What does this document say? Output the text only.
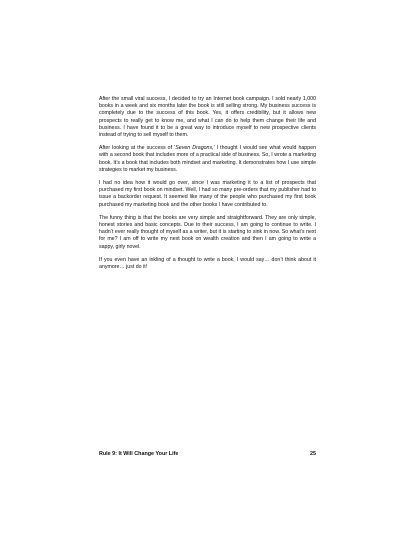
After the small viral success, I decided to try an Internet book campaign. I sold nearly 1,000 books in a week and six months later the book is still selling strong. My business success is completely due to the success of this book. Yes, it offers credibility, but it allows new prospects to really get to know me, and what I can do to help them change their life and business. I have found it to be a great way to introduce myself to new prospective clients instead of trying to sell myself to them.

After looking at the success of ‘Seven Dragons,’ I thought I would see what would happen with a second book that includes more of a practical side of business. So, I wrote a marketing book. It’s a book that includes both mindset and marketing. It demonstrates how I use simple strategies to market my business.

I had no idea how it would go over, since I was marketing it to a list of prospects that purchased my first book on mindset. Well, I had so many pre-orders that my publisher had to issue a backorder request. It seemed like many of the people who purchased my first book purchased my marketing book and the other books I have contributed to.

The funny thing is that the books are very simple and straightforward. They are only simple, honest stories and basic concepts. Due to their success, I am going to continue to write. I hadn’t ever really thought of myself as a writer, but it is starting to sink in now. So what’s next for me? I am off to write my next book on wealth creation and then I am going to write a sappy, girly novel.

If you even have an inkling of a thought to write a book, I would say… don’t think about it anymore… just do it!

Rule 9: It Will Change Your Life	25
